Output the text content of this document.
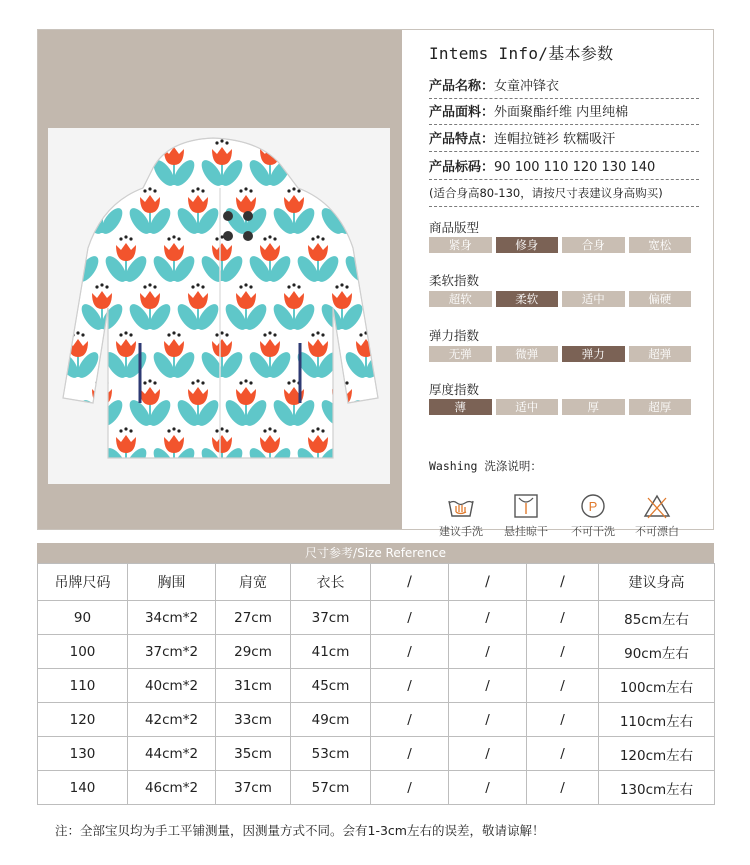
Intems Info/基本参数
产品名称：女童冲锋衣
产品面料：外面聚酯纤维 内里纯棉
产品特点：连帽拉链衫 软糯吸汗
产品标码：90 100 110 120 130 140
(适合身高80-130，请按尺寸表建议身高购买)
商品版型
紧身	修身	合身	宽松
柔软指数
超软	柔软	适中	偏硬
弹力指数
无弹	微弹	弹力	超弹
厚度指数
薄	适中	厚	超厚
Washing 洗涤说明：
建议手洗	悬挂晾干
P
不可干洗	不可漂白
尺寸参考/Size Reference
吊牌尺码	胸围	肩宽	衣长	/	/	/	建议身高
90	34cm*2	27cm	37cm	/	/	/	85cm左右
100	37cm*2	29cm	41cm	/	/	/	90cm左右
110	40cm*2	31cm	45cm	/	/	/	100cm左右
120	42cm*2	33cm	49cm	/	/	/	110cm左右
130	44cm*2	35cm	53cm	/	/	/	120cm左右
140	46cm*2	37cm	57cm	/	/	/	130cm左右
注：全部宝贝均为手工平铺测量，因测量方式不同。会有1-3cm左右的误差，敬请谅解！
